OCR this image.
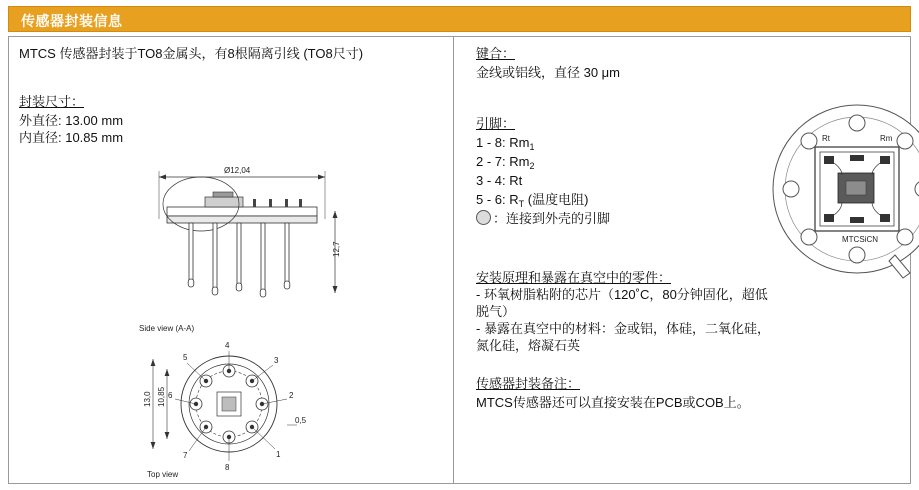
传感器封装信息
MTCS 传感器封装于TO8金属头，有8根隔离引线 (TO8尺寸)
封装尺寸：
外直径: 13.00 mm
内直径: 10.85 mm
Ø12,04
12,7
Side view (A-A)
13,0 10,85
4
3
2
1
8
7
6
5
0,5
Top view
键合：
金线或铝线，直径 30 μm
引脚：
1 - 8: $Rm_1$
2 - 7: $Rm_2$
3 - 4: Rt
5 - 6: $R_T$ (温度电阻)
：连接到外壳的引脚
安装原理和暴露在真空中的零件：
- 环氧树脂粘附的芯片（120˚C，80分钟固化，超低脱气）
- 暴露在真空中的材料：金或铝，体硅，二氧化硅，氮化硅，熔凝石英
传感器封装备注：
MTCS传感器还可以直接安装在PCB或COB上。
MTCSiCN
Rt	Rm
